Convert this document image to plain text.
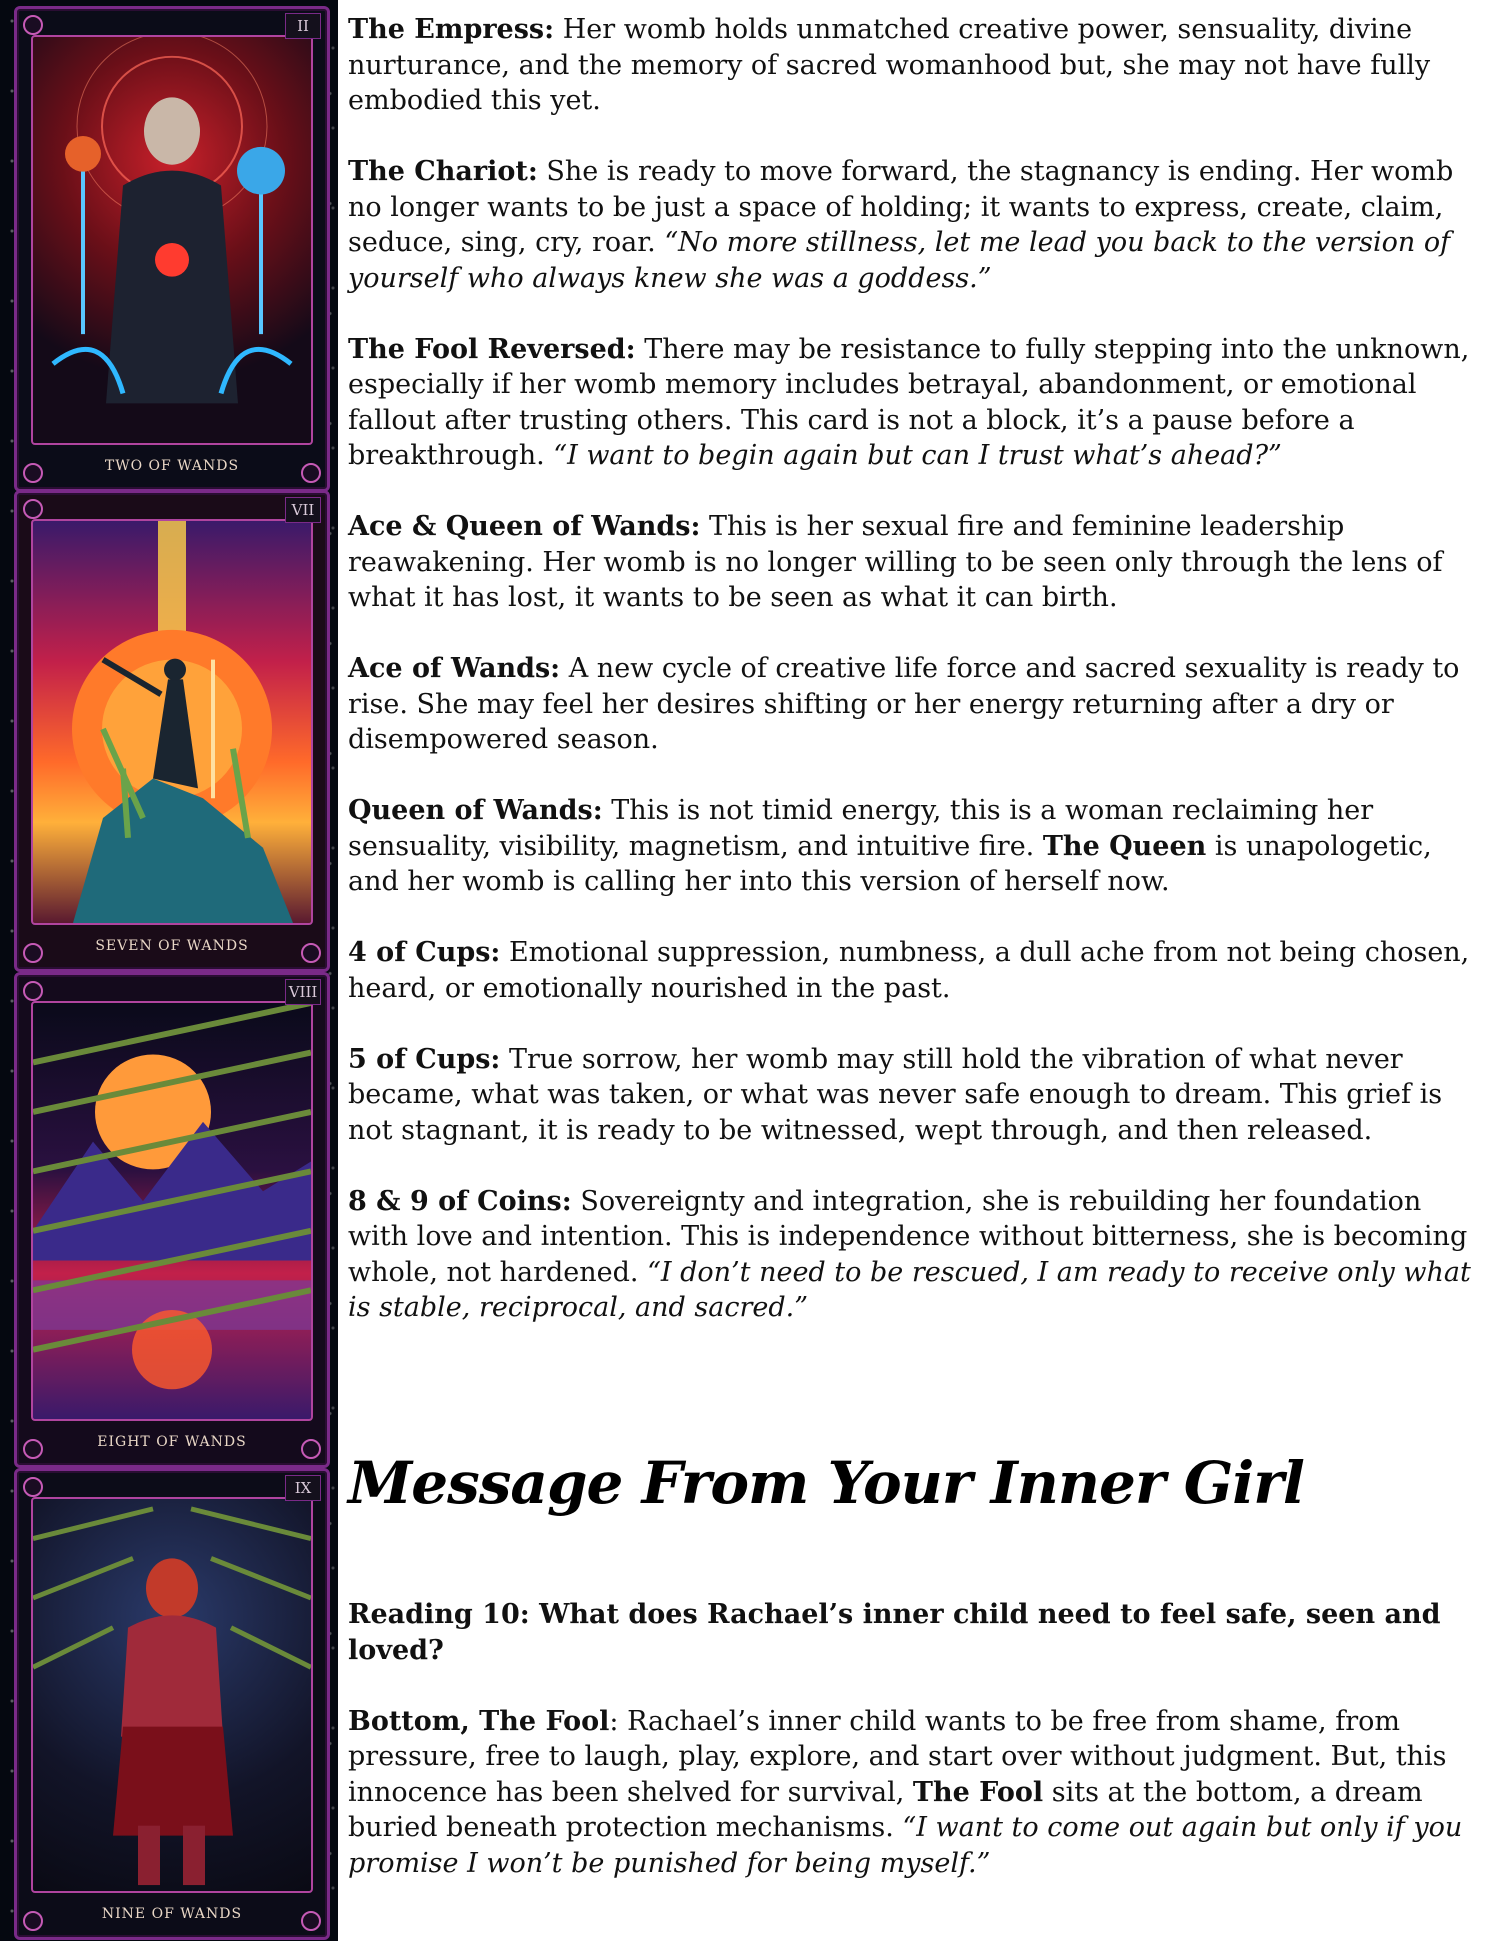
II
TWO OF WANDS
VII
SEVEN OF WANDS
VIII
EIGHT OF WANDS
IX
NINE OF WANDS

The Empress: Her womb holds unmatched creative power, sensuality, divine nurturance, and the memory of sacred womanhood but, she may not have fully embodied this yet.

The Chariot: She is ready to move forward, the stagnancy is ending. Her womb no longer wants to be just a space of holding; it wants to express, create, claim, seduce, sing, cry, roar. “No more stillness, let me lead you back to the version of yourself who always knew she was a goddess.”

The Fool Reversed: There may be resistance to fully stepping into the unknown, especially if her womb memory includes betrayal, abandonment, or emotional fallout after trusting others. This card is not a block, it’s a pause before a breakthrough. “I want to begin again but can I trust what’s ahead?”

Ace & Queen of Wands: This is her sexual fire and feminine leadership reawakening. Her womb is no longer willing to be seen only through the lens of what it has lost, it wants to be seen as what it can birth.

Ace of Wands: A new cycle of creative life force and sacred sexuality is ready to rise. She may feel her desires shifting or her energy returning after a dry or disempowered season.

Queen of Wands: This is not timid energy, this is a woman reclaiming her sensuality, visibility, magnetism, and intuitive fire. The Queen is unapologetic, and her womb is calling her into this version of herself now.

4 of Cups: Emotional suppression, numbness, a dull ache from not being chosen, heard, or emotionally nourished in the past.

5 of Cups: True sorrow, her womb may still hold the vibration of what never became, what was taken, or what was never safe enough to dream. This grief is not stagnant, it is ready to be witnessed, wept through, and then released.

8 & 9 of Coins: Sovereignty and integration, she is rebuilding her foundation with love and intention. This is independence without bitterness, she is becoming whole, not hardened. “I don’t need to be rescued, I am ready to receive only what is stable, reciprocal, and sacred.”

Message From Your Inner Girl

Reading 10: What does Rachael’s inner child need to feel safe, seen and loved?

Bottom, The Fool: Rachael’s inner child wants to be free from shame, from pressure, free to laugh, play, explore, and start over without judgment. But, this innocence has been shelved for survival, The Fool sits at the bottom, a dream buried beneath protection mechanisms. “I want to come out again but only if you promise I won’t be punished for being myself.”
